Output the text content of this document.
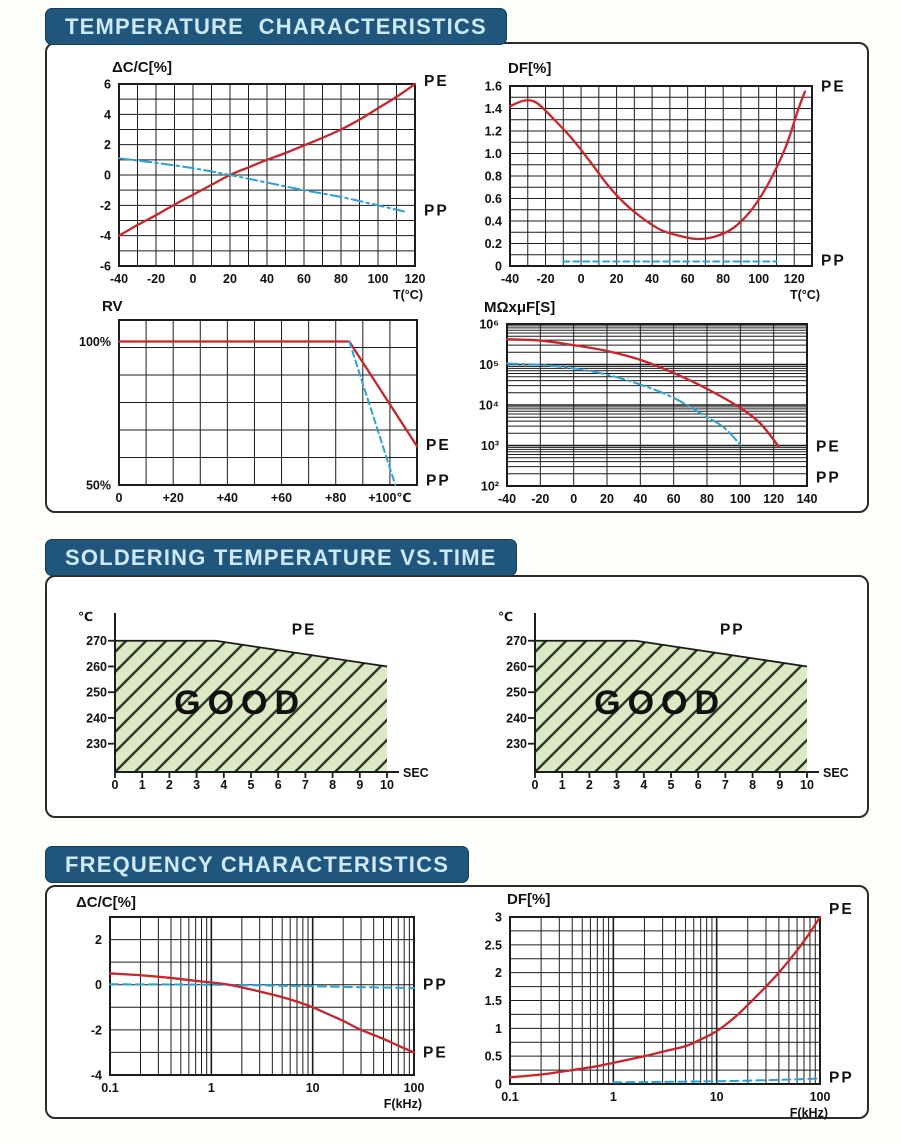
TEMPERATURE  CHARACTERISTICS
-40 -20 0 20 40 60 80 100 120
6
4
2
0
-2
-4
-6
PE
PP
ΔC/C[%]
T(°C)
-40 -20 0 20 40 60 80 100 120
1.6
1.4
1.2
1.0
0.8
0.6
0.4
0.2
0
PE
PP
DF[%]
T(°C)
0	+20	+40	+60	+80 +100℃
100%
50%
PE
PP
RV
-40 -20 0 20 40 60 80 100 120 140
10⁶
10⁵
10⁴
10³
10²
PE
PP
MΩxμF[S]
SOLDERING TEMPERATURE VS.TIME
GOOD
PE
℃
SEC
0 1 2 3 4 5 6 7 8 9 10
270
260
250
240
230
GOOD
PP
℃
SEC
0 1 2 3 4 5 6 7 8 9 10
270
260
250
240
230
FREQUENCY CHARACTERISTICS
0.1	1	10	100
2
0
-2
-4
PP
PE
ΔC/C[%]
F(kHz)	0.1	1	10	100
3
2.5
2
1.5
1
0.5
0
PE
PP
DF[%]
F(kHz)
